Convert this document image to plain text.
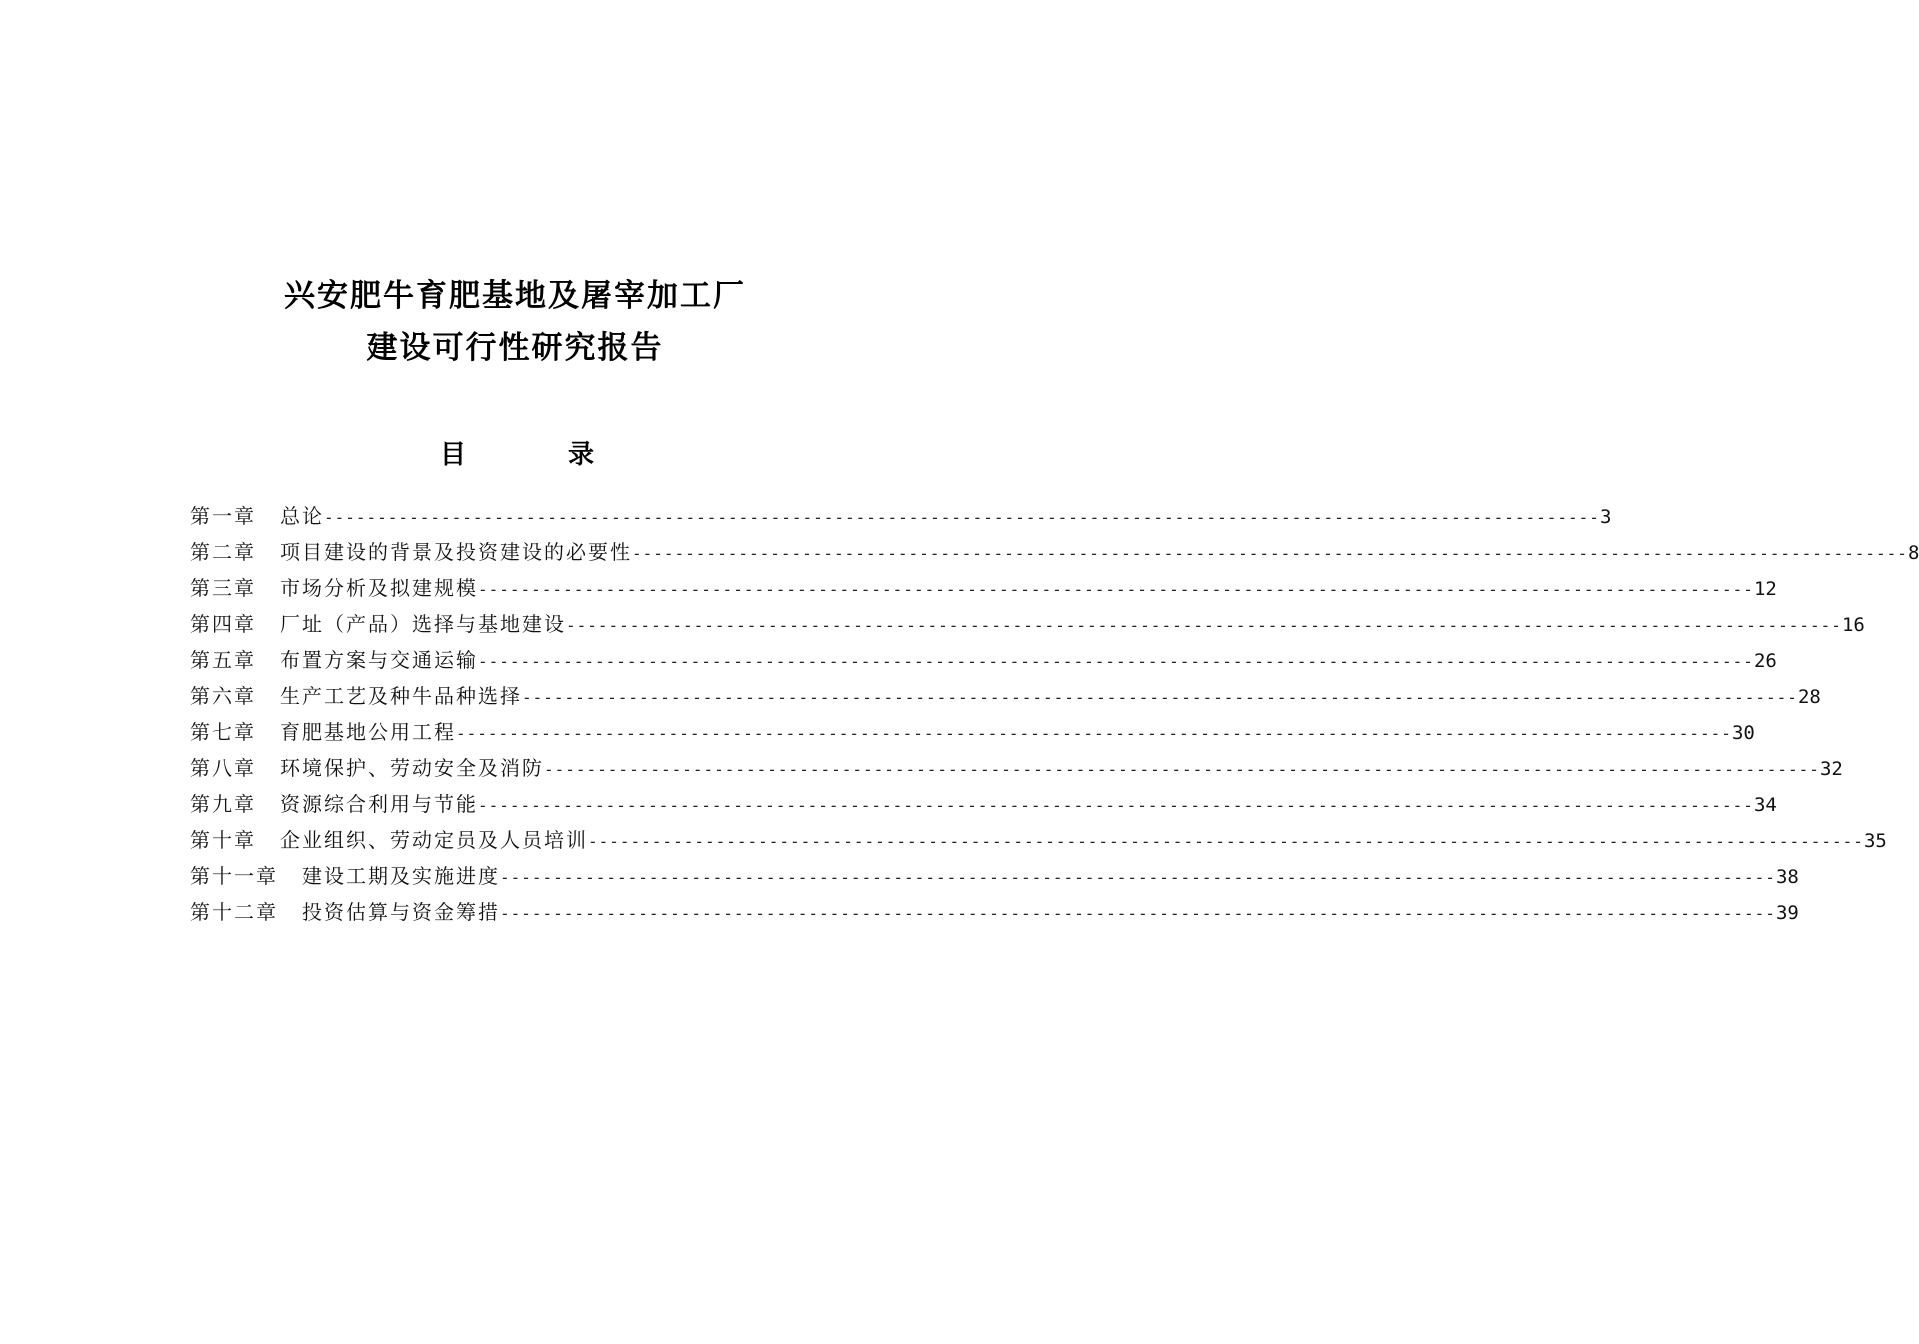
兴安肥牛育肥基地及屠宰加工厂
建设可行性研究报告
目	录
第一章 总论 ------------------------------------------------------------------------------------------------------------------------ 3
第二章 项目建设的背景及投资建设的必要性 ------------------------------------------------------------------------------------------------------------------------ 8
第三章 市场分析及拟建规模 ------------------------------------------------------------------------------------------------------------------------ 12
第四章 厂址（产品）选择与基地建设 ------------------------------------------------------------------------------------------------------------------------ 16
第五章 布置方案与交通运输 ------------------------------------------------------------------------------------------------------------------------ 26
第六章 生产工艺及种牛品种选择 ------------------------------------------------------------------------------------------------------------------------ 28
第七章 育肥基地公用工程 ------------------------------------------------------------------------------------------------------------------------ 30
第八章 环境保护、劳动安全及消防 ------------------------------------------------------------------------------------------------------------------------ 32
第九章 资源综合利用与节能 ------------------------------------------------------------------------------------------------------------------------ 34
第十章 企业组织、劳动定员及人员培训 ------------------------------------------------------------------------------------------------------------------------ 35
第十一章 建设工期及实施进度 ------------------------------------------------------------------------------------------------------------------------ 38
第十二章 投资估算与资金筹措 ------------------------------------------------------------------------------------------------------------------------ 39
